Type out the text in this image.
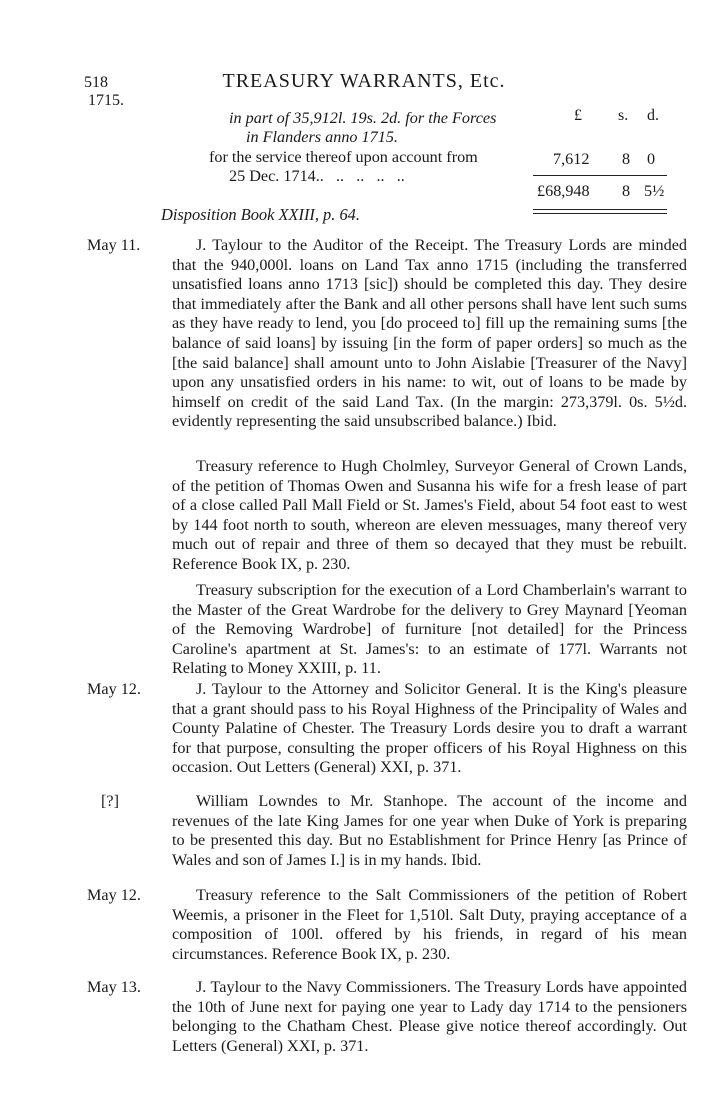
518
1715.
TREASURY WARRANTS, Etc.
in part of 35,912l. 19s. 2d. for the Forces
in Flanders anno 1715.
for the service thereof upon account from
25 Dec. 1714..   ..   ..   ..   ..
£ s. d.
7,612 8 0
£68,948 8 5½
Disposition Book XXIII, p. 64.
May 11.	J. Taylour to the Auditor of the Receipt. The Treasury Lords are minded that the 940,000l. loans on Land Tax anno 1715 (including the transferred unsatisfied loans anno 1713 [sic]) should be completed this day. They desire that immediately after the Bank and all other persons shall have lent such sums as they have ready to lend, you [do proceed to] fill up the remaining sums [the balance of said loans] by issuing [in the form of paper orders] so much as the [the said balance] shall amount unto to John Aislabie [Treasurer of the Navy] upon any unsatisfied orders in his name: to wit, out of loans to be made by himself on credit of the said Land Tax. (In the margin: 273,379l. 0s. 5½d. evidently representing the said unsubscribed balance.) Ibid.
Treasury reference to Hugh Cholmley, Surveyor General of Crown Lands, of the petition of Thomas Owen and Susanna his wife for a fresh lease of part of a close called Pall Mall Field or St. James's Field, about 54 foot east to west by 144 foot north to south, whereon are eleven messuages, many thereof very much out of repair and three of them so decayed that they must be rebuilt. Reference Book IX, p. 230.
Treasury subscription for the execution of a Lord Chamberlain's warrant to the Master of the Great Wardrobe for the delivery to Grey Maynard [Yeoman of the Removing Wardrobe] of furniture [not detailed] for the Princess Caroline's apartment at St. James's: to an estimate of 177l. Warrants not Relating to Money XXIII, p. 11.
May 12.	J. Taylour to the Attorney and Solicitor General. It is the King's pleasure that a grant should pass to his Royal Highness of the Principality of Wales and County Palatine of Chester. The Treasury Lords desire you to draft a warrant for that purpose, consulting the proper officers of his Royal Highness on this occasion. Out Letters (General) XXI, p. 371.
[?]	William Lowndes to Mr. Stanhope. The account of the income and revenues of the late King James for one year when Duke of York is preparing to be presented this day. But no Establishment for Prince Henry [as Prince of Wales and son of James I.] is in my hands. Ibid.
May 12.	Treasury reference to the Salt Commissioners of the petition of Robert Weemis, a prisoner in the Fleet for 1,510l. Salt Duty, praying acceptance of a composition of 100l. offered by his friends, in regard of his mean circumstances. Reference Book IX, p. 230.
May 13.	J. Taylour to the Navy Commissioners. The Treasury Lords have appointed the 10th of June next for paying one year to Lady day 1714 to the pensioners belonging to the Chatham Chest. Please give notice thereof accordingly. Out Letters (General) XXI, p. 371.
